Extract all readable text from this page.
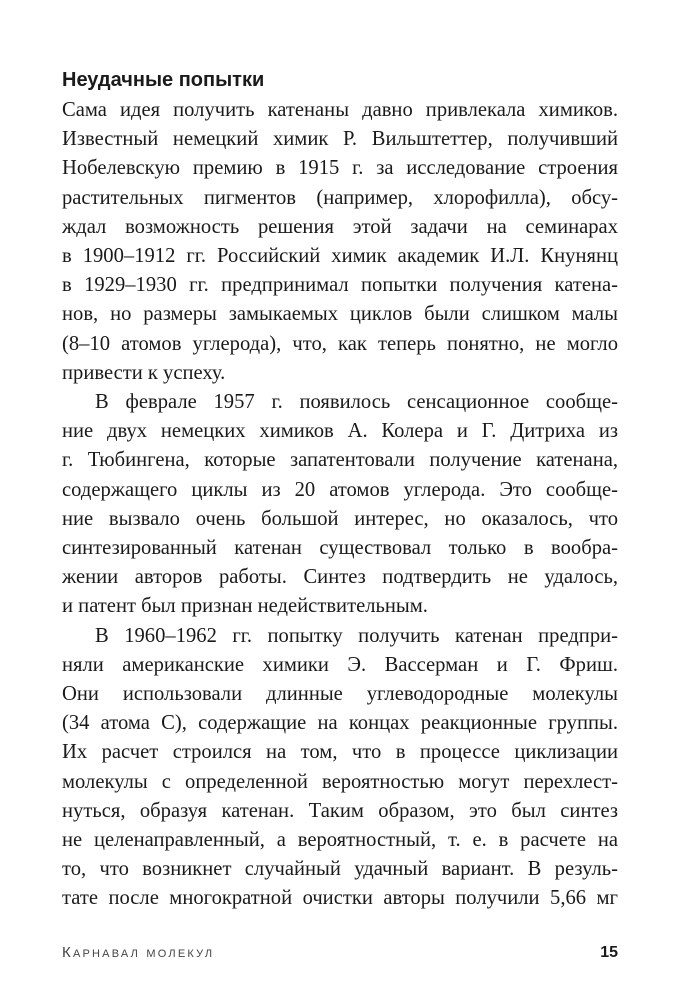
Неудачные попытки

Сама идея получить катенаны давно привлекала химиков.
Известный немецкий химик Р. Вильштеттер, получивший
Нобелевскую премию в 1915 г. за исследование строения
растительных пигментов (например, хлорофилла), обсу-
ждал возможность решения этой задачи на семинарах
в 1900–1912 гг. Российский химик академик И.Л. Кнунянц
в 1929–1930 гг. предпринимал попытки получения катена-
нов, но размеры замыкаемых циклов были слишком малы
(8–10 атомов углерода), что, как теперь понятно, не могло
привести к успеху.

В феврале 1957 г. появилось сенсационное сообще-
ние двух немецких химиков А. Колера и Г. Дитриха из
г. Тюбингена, которые запатентовали получение катенана,
содержащего циклы из 20 атомов углерода. Это сообще-
ние вызвало очень большой интерес, но оказалось, что
синтезированный катенан существовал только в вообра-
жении авторов работы. Синтез подтвердить не удалось,
и патент был признан недействительным.

В 1960–1962 гг. попытку получить катенан предпри-
няли американские химики Э. Вассерман и Г. Фриш.
Они использовали длинные углеводородные молекулы
(34 атома С), содержащие на концах реакционные группы.
Их расчет строился на том, что в процессе циклизации
молекулы с определенной вероятностью могут перехлест-
нуться, образуя катенан. Таким образом, это был синтез
не целенаправленный, а вероятностный, т. е. в расчете на
то, что возникнет случайный удачный вариант. В резуль-
тате после многократной очистки авторы получили 5,66 мг

Карнавал молекул	15
